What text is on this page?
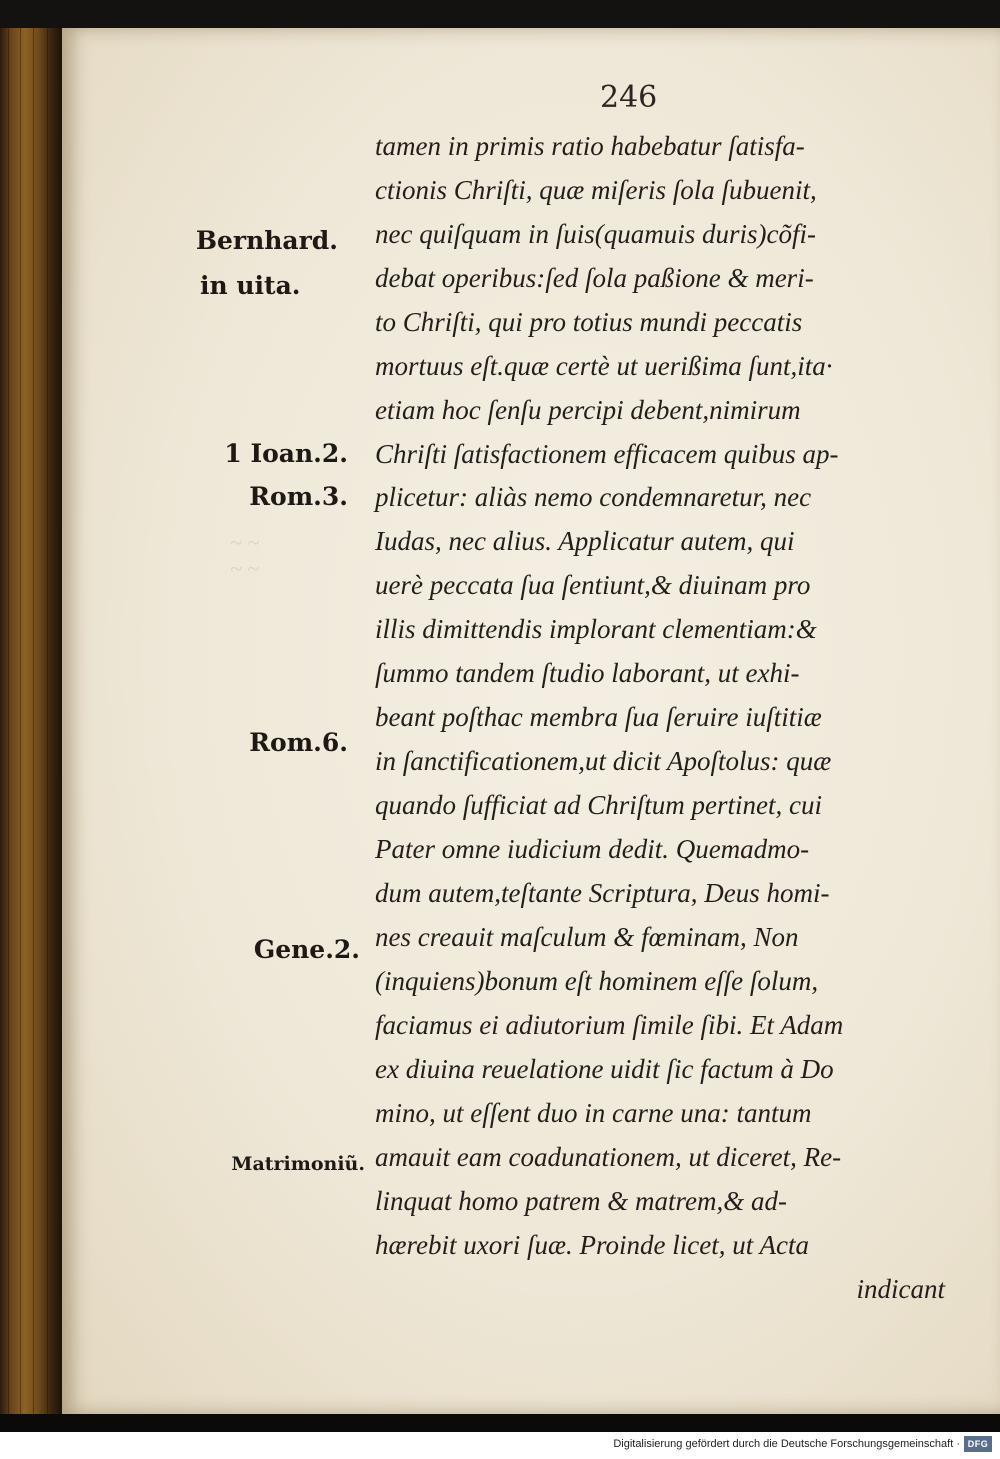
~ ~
~ ~
246
Bernhard.
in uita.
1 Ioan.2.
Rom.3.
Rom.6.
Gene.2.
Matrimoniũ.
tamen in primis ratio habebatur ſatisfa-
ctionis Chriſti, quæ miſeris ſola ſubuenit,
nec quiſquam in ſuis(quamuis duris)cõfi-
debat operibus:ſed ſola paßione & meri-
to Chriſti, qui pro totius mundi peccatis
mortuus eſt.quæ certè ut uerißima ſunt,ita·
etiam hoc ſenſu percipi debent,nimirum
Chriſti ſatisfactionem efficacem quibus ap-
plicetur: aliàs nemo condemnaretur, nec
Iudas, nec alius. Applicatur autem, qui
uerè peccata ſua ſentiunt,& diuinam pro
illis dimittendis implorant clementiam:&
ſummo tandem ſtudio laborant, ut exhi-
beant poſthac membra ſua ſeruire iuſtitiæ
in ſanctificationem,ut dicit Apoſtolus: quæ
quando ſufficiat ad Chriſtum pertinet, cui
Pater omne iudicium dedit. Quemadmo-
dum autem,teſtante Scriptura, Deus homi-
nes creauit maſculum & fœminam, Non
(inquiens)bonum eſt hominem eſſe ſolum,
faciamus ei adiutorium ſimile ſibi. Et Adam
ex diuina reuelatione uidit ſic factum à Do
mino, ut eſſent duo in carne una: tantum
amauit eam coadunationem, ut diceret, Re-
linquat homo patrem & matrem,& ad-
hærebit uxori ſuæ. Proinde licet, ut Acta
indicant
Digitalisierung gefördert durch die Deutsche Forschungsgemeinschaft · DFG
